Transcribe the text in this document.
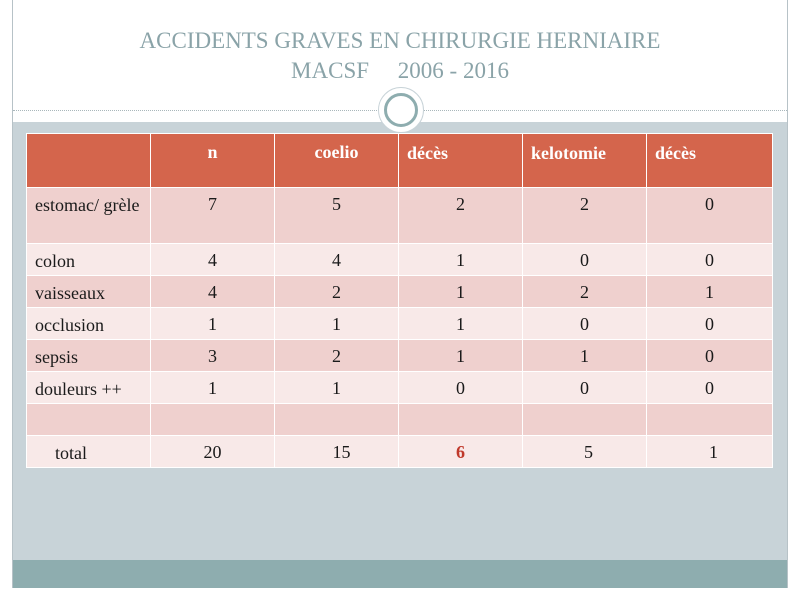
ACCIDENTS GRAVES EN CHIRURGIE HERNIAIRE
MACSF     2006 - 2016
	n	coelio	décès	kelotomie	décès
estomac/ grèle	7	5	2	2	0
colon	4	4	1	0	0
vaisseaux	4	2	1	2	1
occlusion	1	1	1	0	0
sepsis	3	2	1	1	0
douleurs ++	1	1	0	0	0

total	20	15	6	5	1
